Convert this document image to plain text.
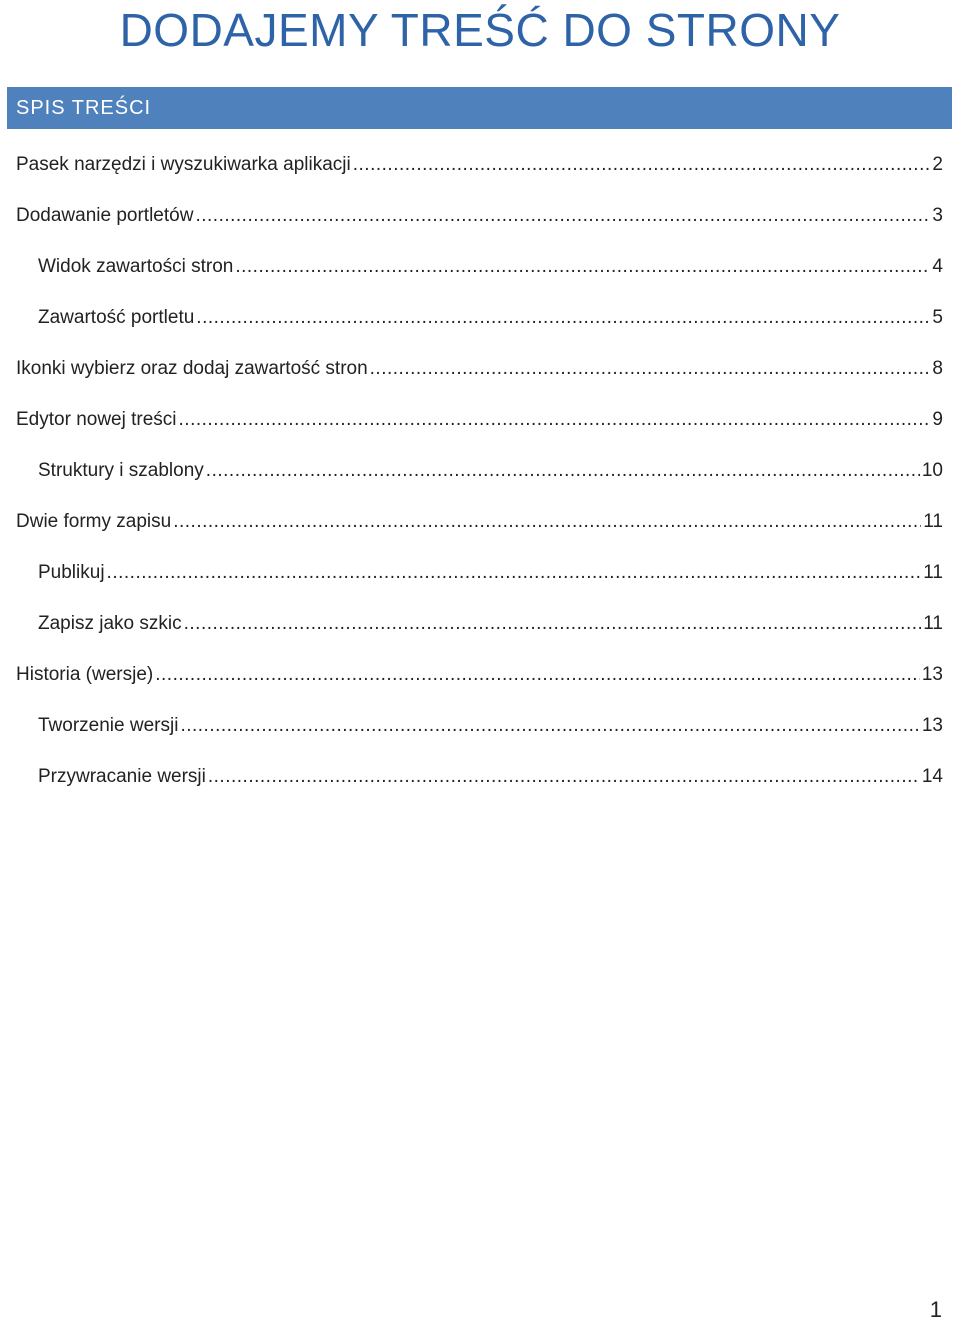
DODAJEMY TREŚĆ DO STRONY
SPIS TREŚCI
Pasek narzędzi i wyszukiwarka aplikacji .....	2
Dodawanie portletów .....	3
Widok zawartości stron .....	4
Zawartość portletu .....	5
Ikonki wybierz oraz dodaj zawartość stron .....	8
Edytor nowej treści .....	9
Struktury i szablony .....	10
Dwie formy zapisu .....	11
Publikuj .....	11
Zapisz jako szkic .....	11
Historia (wersje) .....	13
Tworzenie wersji .....	13
Przywracanie wersji .....	14
1
